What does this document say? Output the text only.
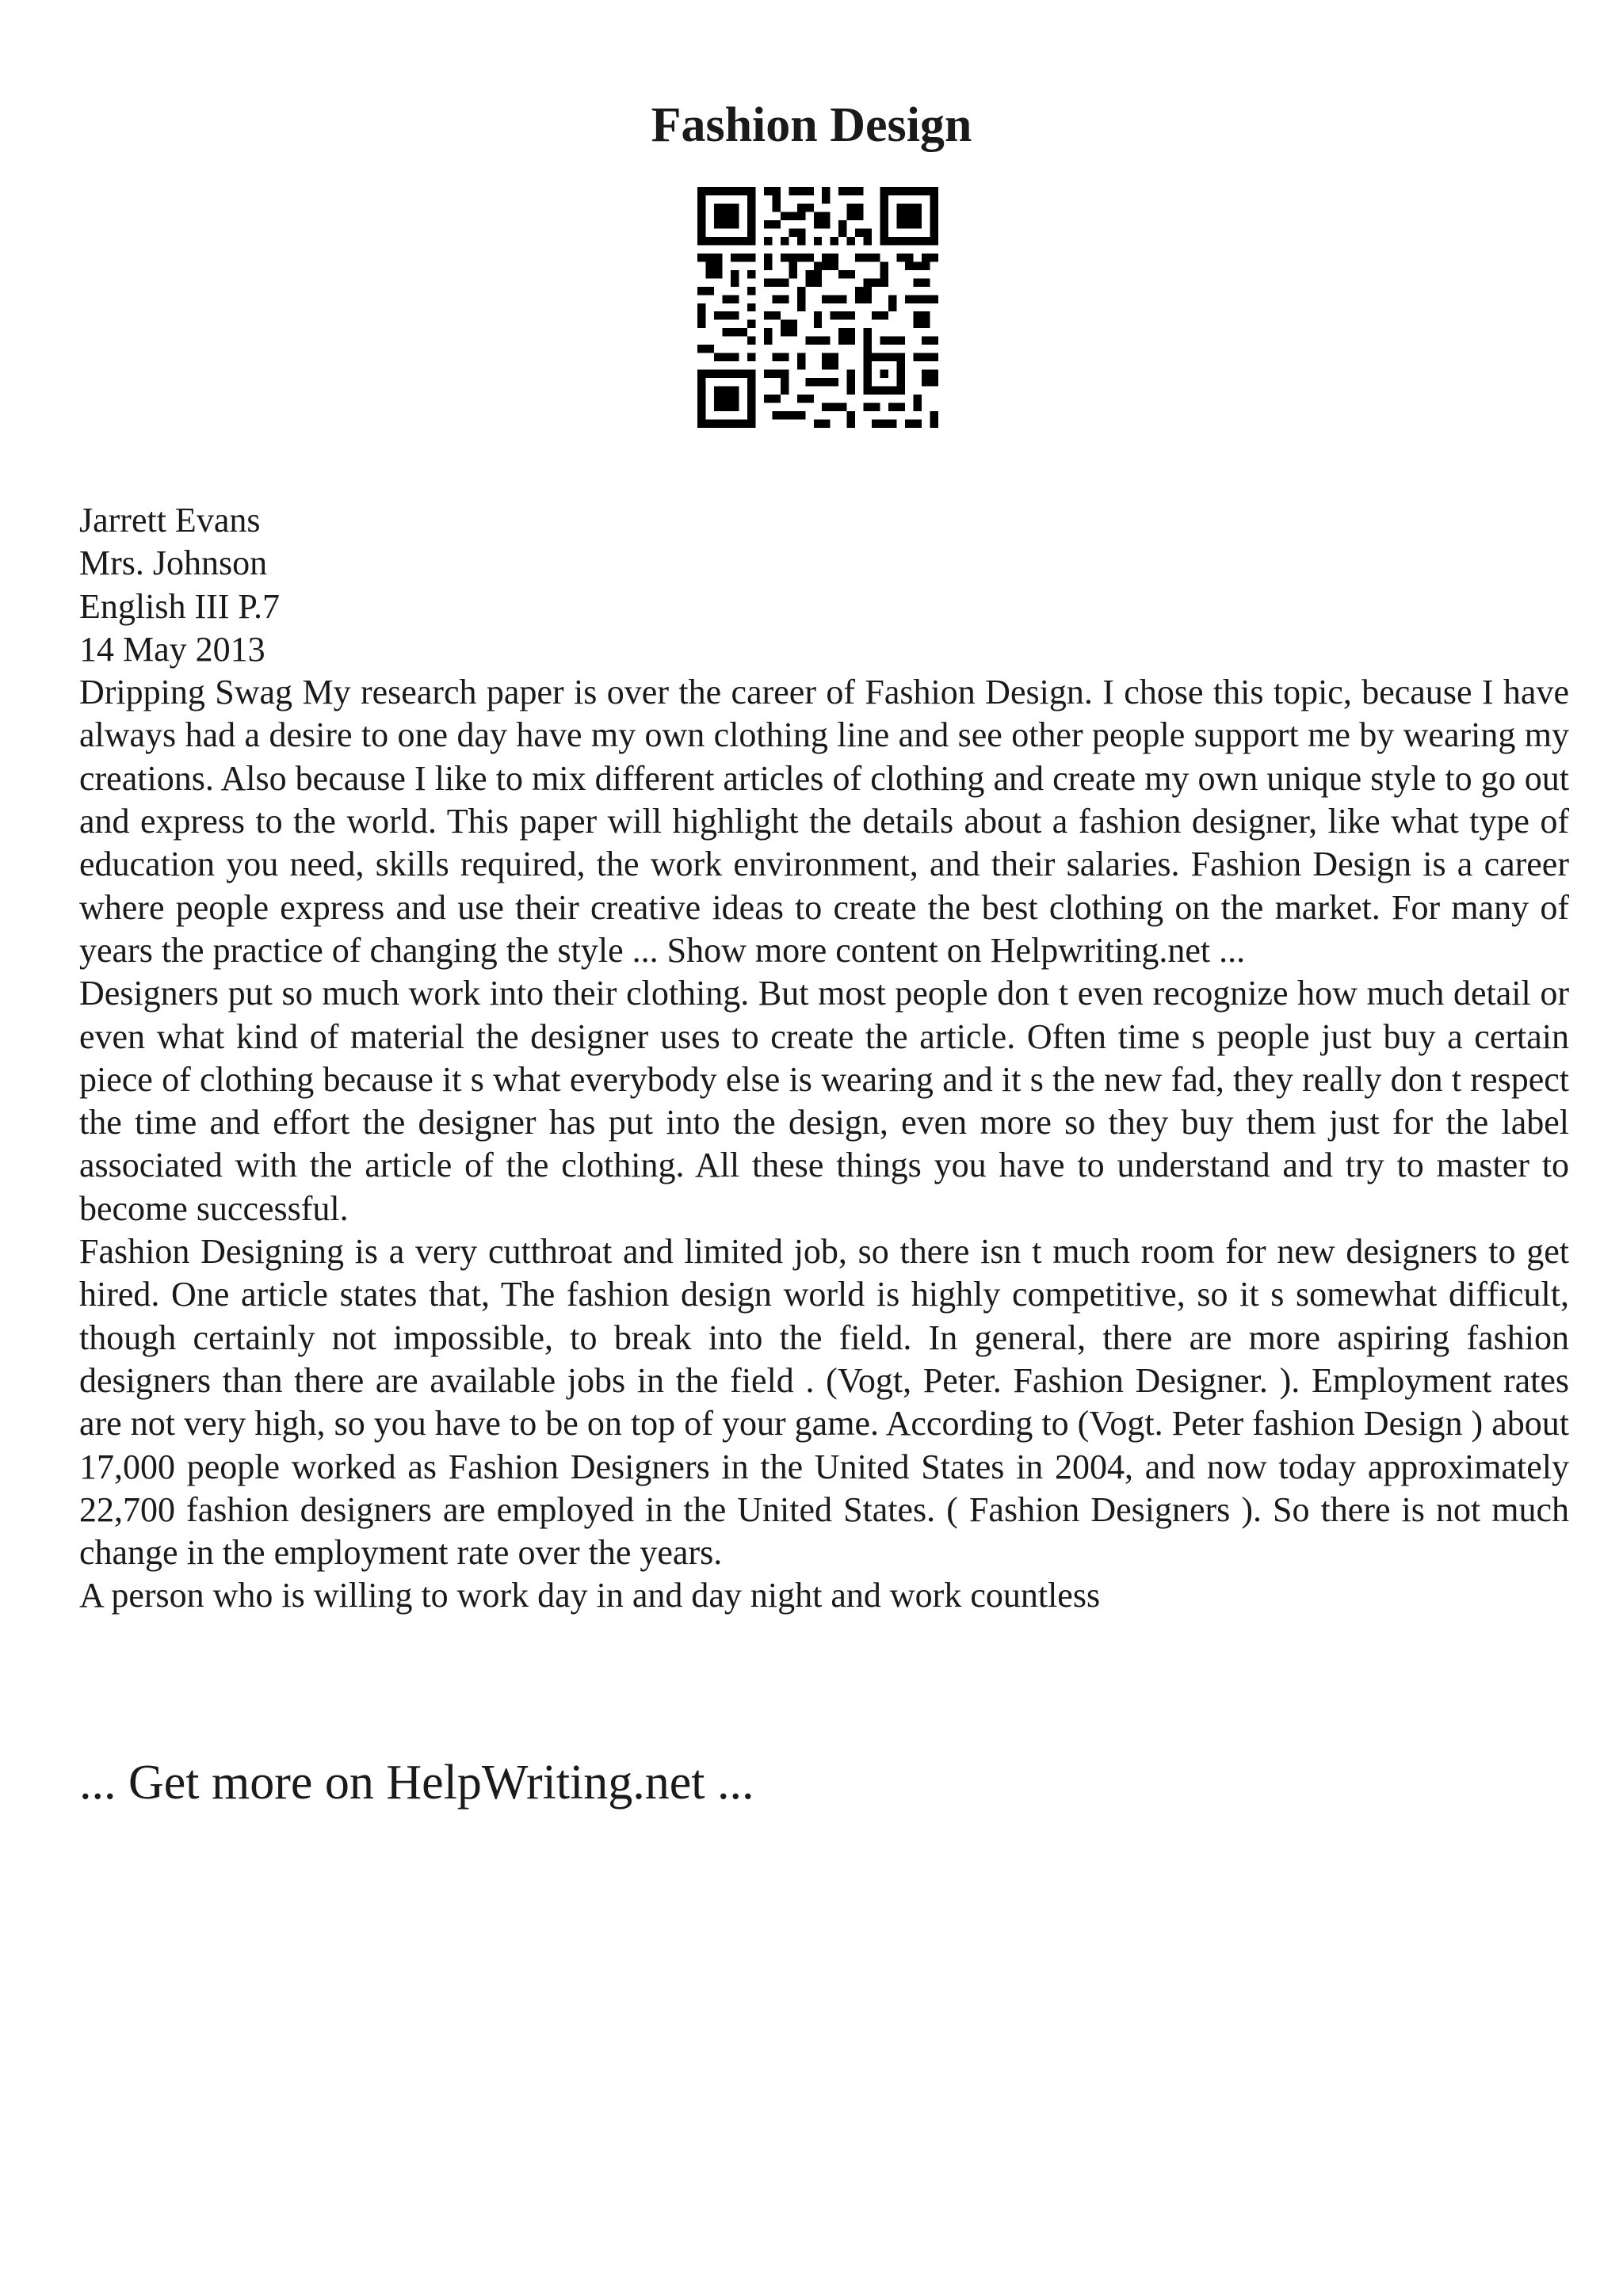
Fashion Design
Jarrett Evans
Mrs. Johnson
English III P.7
14 May 2013

Dripping Swag My research paper is over the career of Fashion Design. I chose this topic, because I have always had a desire to one day have my own clothing line and see other people support me by wearing my creations. Also because I like to mix different articles of clothing and create my own unique style to go out and express to the world. This paper will highlight the details about a fashion designer, like what type of education you need, skills required, the work environment, and their salaries. Fashion Design is a career where people express and use their creative ideas to create the best clothing on the market. For many of years the practice of changing the style ... Show more content on Helpwriting.net ...

Designers put so much work into their clothing. But most people don t even recognize how much detail or even what kind of material the designer uses to create the article. Often time s people just buy a certain piece of clothing because it s what everybody else is wearing and it s the new fad, they really don t respect the time and effort the designer has put into the design, even more so they buy them just for the label associated with the article of the clothing. All these things you have to understand and try to master to become successful.

Fashion Designing is a very cutthroat and limited job, so there isn t much room for new designers to get hired. One article states that, The fashion design world is highly competitive, so it s somewhat difficult, though certainly not impossible, to break into the field. In general, there are more aspiring fashion designers than there are available jobs in the field . (Vogt, Peter. Fashion Designer. ). Employment rates are not very high, so you have to be on top of your game. According to (Vogt. Peter fashion Design ) about 17,000 people worked as Fashion Designers in the United States in 2004, and now today approximately 22,700 fashion designers are employed in the United States. ( Fashion Designers ). So there is not much change in the employment rate over the years.

A person who is willing to work day in and day night and work countless

... Get more on HelpWriting.net ...
